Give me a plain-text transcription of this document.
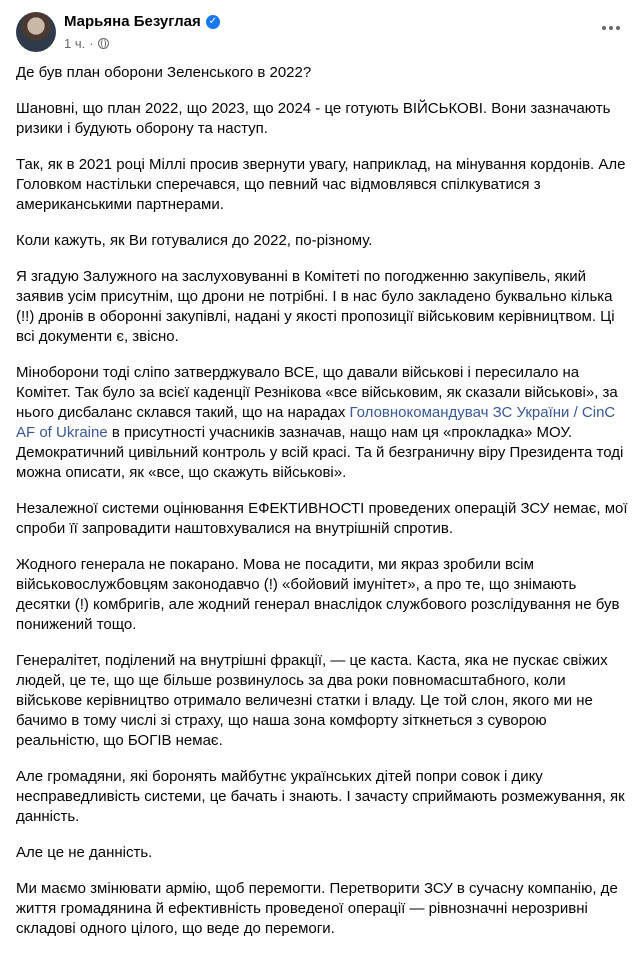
Марьяна Безуглая ✓
1 ч. ·

Де був план оборони Зеленського в 2022?

Шановні, що план 2022, що 2023, що 2024 - це готують ВІЙСЬКОВІ. Вони зазначають ризики і будують оборону та наступ.

Так, як в 2021 році Міллі просив звернути увагу, наприклад, на мінування кордонів. Але Головком настільки сперечався, що певний час відмовлявся спілкуватися з американськими партнерами.

Коли кажуть, як Ви готувалися до 2022, по-різному.

Я згадую Залужного на заслуховуванні в Комітеті по погодженню закупівель, який заявив усім присутнім, що дрони не потрібні. І в нас було закладено буквально кілька (!!) дронів в оборонні закупівлі, надані у якості пропозиції військовим керівництвом. Ці всі документи є, звісно.

Міноборони тоді сліпо затверджувало ВСЕ, що давали військові і пересилало на Комітет. Так було за всієї каденції Резнікова «все військовим, як сказали військові», за нього дисбаланс склався такий, що на нарадах Головнокомандувач ЗС України / CinC AF of Ukraine в присутності учасників зазначав, нащо нам ця «прокладка» МОУ. Демократичний цивільний контроль у всій красі. Та й безграничну віру Президента тоді можна описати, як «все, що скажуть військові».

Незалежної системи оцінювання ЕФЕКТИВНОСТІ проведених операцій ЗСУ немає, мої спроби її запровадити наштовхувалися на внутрішній спротив.

Жодного генерала не покарано. Мова не посадити, ми якраз зробили всім військовослужбовцям законодавчо (!) «бойовий імунітет», а про те, що знімають десятки (!) комбригів, але жодний генерал внаслідок службового розслідування не був понижений тощо.

Генералітет, поділений на внутрішні фракції, — це каста. Каста, яка не пускає свіжих людей, це те, що ще більше розвинулось за два роки повномасштабного, коли військове керівництво отримало величезні статки і владу. Це той слон, якого ми не бачимо в тому числі зі страху, що наша зона комфорту зіткнеться з суворою реальністю, що БОГІВ немає.

Але громадяни, які боронять майбутнє українських дітей попри совок і дику несправедливість системи, це бачать і знають. І зачасту сприймають розмежування, як данність.

Але це не данність.

Ми маємо змінювати армію, щоб перемогти. Перетворити ЗСУ в сучасну компанію, де життя громадянина й ефективність проведеної операції — рівнозначні нерозривні складові одного цілого, що веде до перемоги.
